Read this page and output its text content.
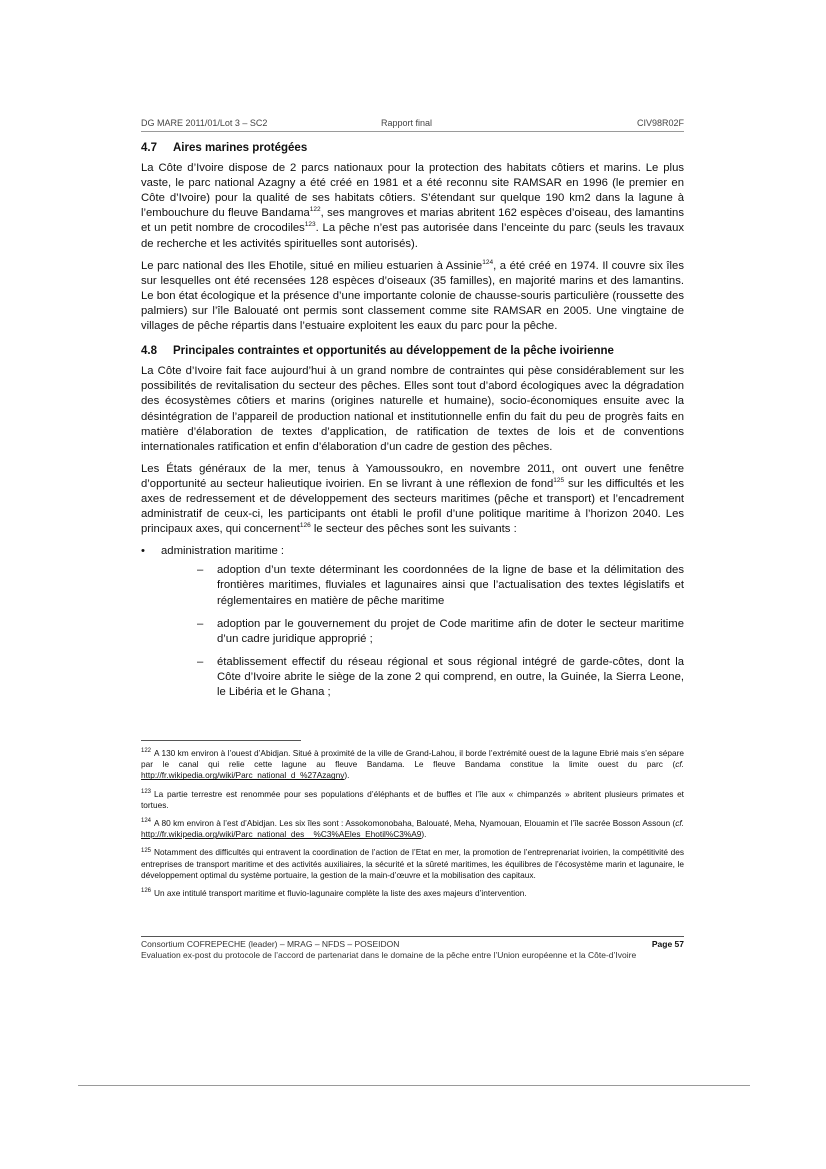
DG MARE 2011/01/Lot 3 – SC2	Rapport final	CIV98R02F
4.7 Aires marines protégées

La Côte d’Ivoire dispose de 2 parcs nationaux pour la protection des habitats côtiers et marins. Le plus vaste, le parc national Azagny a été créé en 1981 et a été reconnu site RAMSAR en 1996 (le premier en Côte d’Ivoire) pour la qualité de ses habitats côtiers. S’étendant sur quelque 190 km2 dans la lagune à l’embouchure du fleuve Bandama$^{122}$, ses mangroves et marias abritent 162 espèces d’oiseau, des lamantins et un petit nombre de crocodiles$^{123}$. La pêche n’est pas autorisée dans l’enceinte du parc (seuls les travaux de recherche et les activités spirituelles sont autorisés).

Le parc national des Iles Ehotile, situé en milieu estuarien à Assinie$^{124}$, a été créé en 1974. Il couvre six îles sur lesquelles ont été recensées 128 espèces d’oiseaux (35 familles), en majorité marins et des lamantins. Le bon état écologique et la présence d’une importante colonie de chausse-souris particulière (roussette des palmiers) sur l’île Balouaté ont permis sont classement comme site RAMSAR en 2005. Une vingtaine de villages de pêche répartis dans l’estuaire exploitent les eaux du parc pour la pêche.

4.8 Principales contraintes et opportunités au développement de la pêche ivoirienne

La Côte d’Ivoire fait face aujourd’hui à un grand nombre de contraintes qui pèse considérablement sur les possibilités de revitalisation du secteur des pêches. Elles sont tout d’abord écologiques avec la dégradation des écosystèmes côtiers et marins (origines naturelle et humaine), socio-économiques ensuite avec la désintégration de l’appareil de production national et institutionnelle enfin du fait du peu de progrès faits en matière d’élaboration de textes d’application, de ratification de textes de lois et de conventions internationales ratification et enfin d’élaboration d’un cadre de gestion des pêches.

Les États généraux de la mer, tenus à Yamoussoukro, en novembre 2011, ont ouvert une fenêtre d’opportunité au secteur halieutique ivoirien. En se livrant à une réflexion de fond$^{125}$ sur les difficultés et les axes de redressement et de développement des secteurs maritimes (pêche et transport) et l’encadrement administratif de ceux-ci, les participants ont établi le profil d’une politique maritime à l’horizon 2040. Les principaux axes, qui concernent$^{126}$ le secteur des pêches sont les suivants :

• administration maritime :
– adoption d’un texte déterminant les coordonnées de la ligne de base et la délimitation des frontières maritimes, fluviales et lagunaires ainsi que l’actualisation des textes législatifs et réglementaires en matière de pêche maritime
– adoption par le gouvernement du projet de Code maritime afin de doter le secteur maritime d’un cadre juridique approprié ;
– établissement effectif du réseau régional et sous régional intégré de garde-côtes, dont la Côte d’Ivoire abrite le siège de la zone 2 qui comprend, en outre, la Guinée, la Sierra Leone, le Libéria et le Ghana ;
$^{122}$ A 130 km environ à l’ouest d’Abidjan. Situé à proximité de la ville de Grand-Lahou, il borde l’extrémité ouest de la lagune Ebrié mais s’en sépare par le canal qui relie cette lagune au fleuve Bandama. Le fleuve Bandama constitue la limite ouest du parc (cf. http://fr.wikipedia.org/wiki/Parc_national_d_%27Azagny).
$^{123}$ La partie terrestre est renommée pour ses populations d’éléphants et de buffles et l’île aux « chimpanzés » abritent plusieurs primates et tortues.
$^{124}$ A 80 km environ à l’est d’Abidjan. Les six îles sont : Assokomonobaha, Balouaté, Meha, Nyamouan, Elouamin et l’île sacrée Bosson Assoun (cf. http://fr.wikipedia.org/wiki/Parc_national_des__%C3%AEles_Ehotil%C3%A9).
$^{125}$ Notamment des difficultés qui entravent la coordination de l’action de l’Etat en mer, la promotion de l’entreprenariat ivoirien, la compétitivité des entreprises de transport maritime et des activités auxiliaires, la sécurité et la sûreté maritimes, les équilibres de l’écosystème marin et lagunaire, le développement optimal du système portuaire, la gestion de la main-d’œuvre et la mobilisation des capitaux.
$^{126}$ Un axe intitulé transport maritime et fluvio-lagunaire complète la liste des axes majeurs d’intervention.
Consortium COFREPECHE (leader) – MRAG – NFDS – POSEIDON	Page 57
Evaluation ex-post du protocole de l’accord de partenariat dans le domaine de la pêche entre l’Union européenne et la Côte-d’Ivoire
